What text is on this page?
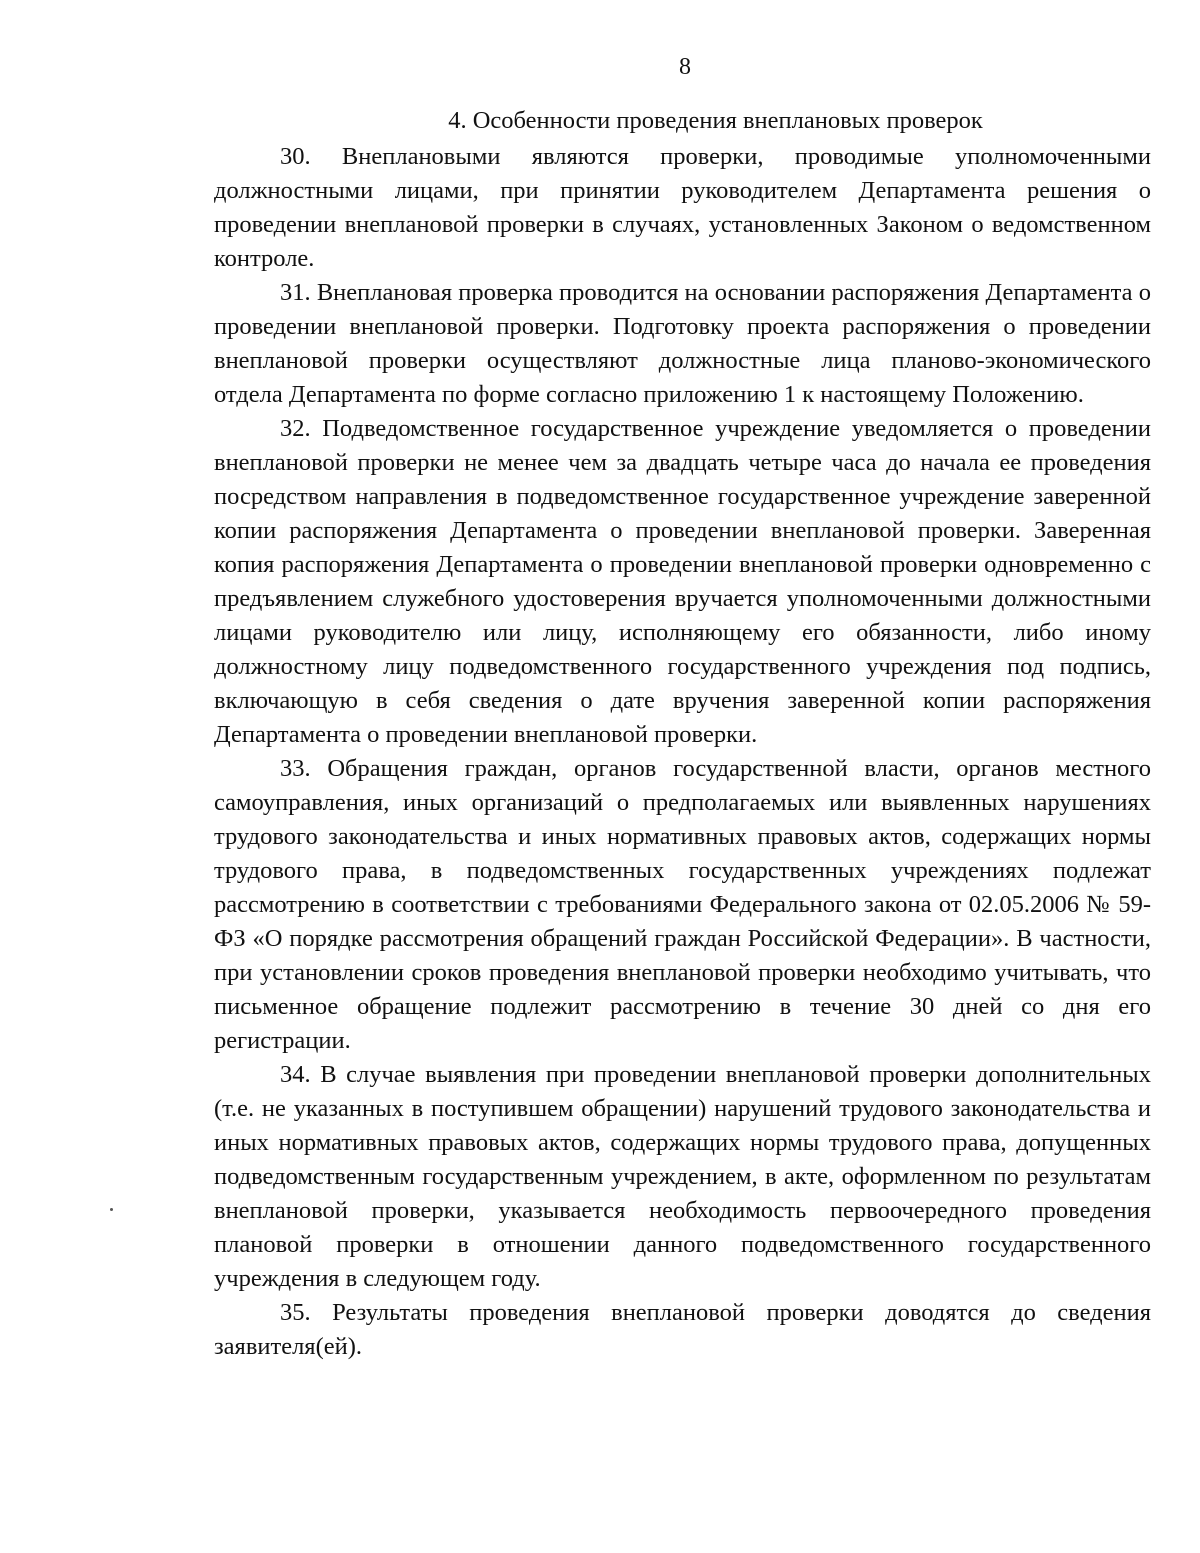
8
4. Особенности проведения внеплановых проверок

30. Внеплановыми являются проверки, проводимые уполномоченными должностными лицами, при принятии руководителем Департамента решения о проведении внеплановой проверки в случаях, установленных Законом о ведомственном контроле.

31. Внеплановая проверка проводится на основании распоряжения Департамента о проведении внеплановой проверки. Подготовку проекта распоряжения о проведении внеплановой проверки осуществляют должностные лица планово-экономического отдела Департамента по форме согласно приложению 1 к настоящему Положению.

32. Подведомственное государственное учреждение уведомляется о проведении внеплановой проверки не менее чем за двадцать четыре часа до начала ее проведения посредством направления в подведомственное государственное учреждение заверенной копии распоряжения Департамента о проведении внеплановой проверки. Заверенная копия распоряжения Департамента о проведении внеплановой проверки одновременно с предъявлением служебного удостоверения вручается уполномоченными должностными лицами руководителю или лицу, исполняющему его обязанности, либо иному должностному лицу подведомственного государственного учреждения под подпись, включающую в себя сведения о дате вручения заверенной копии распоряжения Департамента о проведении внеплановой проверки.

33. Обращения граждан, органов государственной власти, органов местного самоуправления, иных организаций о предполагаемых или выявленных нарушениях трудового законодательства и иных нормативных правовых актов, содержащих нормы трудового права, в подведомственных государственных учреждениях подлежат рассмотрению в соответствии с требованиями Федерального закона от 02.05.2006 № 59-ФЗ «О порядке рассмотрения обращений граждан Российской Федерации». В частности, при установлении сроков проведения внеплановой проверки необходимо учитывать, что письменное обращение подлежит рассмотрению в течение 30 дней со дня его регистрации.

34. В случае выявления при проведении внеплановой проверки дополнительных (т.е. не указанных в поступившем обращении) нарушений трудового законодательства и иных нормативных правовых актов, содержащих нормы трудового права, допущенных подведомственным государственным учреждением, в акте, оформленном по результатам внеплановой проверки, указывается необходимость первоочередного проведения плановой проверки в отношении данного подведомственного государственного учреждения в следующем году.

35. Результаты проведения внеплановой проверки доводятся до сведения заявителя(ей).
